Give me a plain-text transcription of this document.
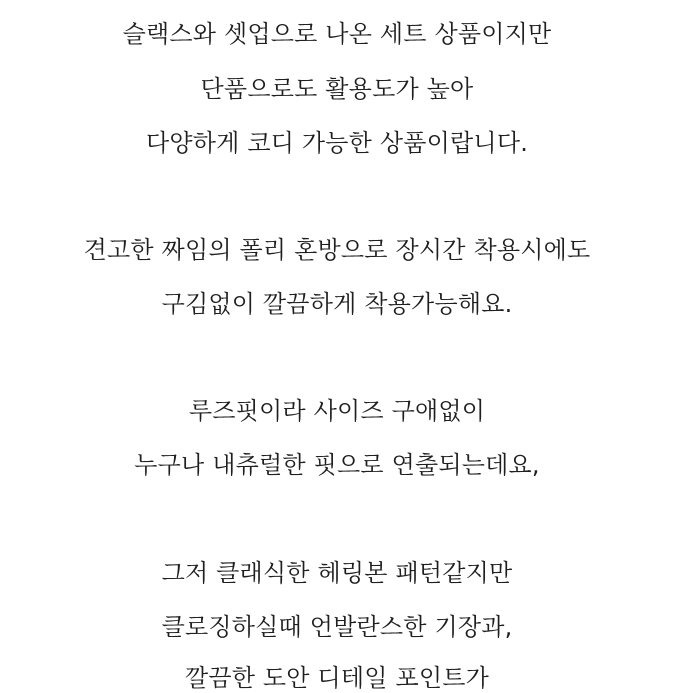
슬랙스와 셋업으로 나온 세트 상품이지만
단품으로도 활용도가 높아
다양하게 코디 가능한 상품이랍니다.
견고한 짜임의 폴리 혼방으로 장시간 착용시에도
구김없이 깔끔하게 착용가능해요.
루즈핏이라 사이즈 구애없이
누구나 내츄럴한 핏으로 연출되는데요,
그저 클래식한 헤링본 패턴같지만
클로징하실때 언발란스한 기장과,
깔끔한 도안 디테일 포인트가
